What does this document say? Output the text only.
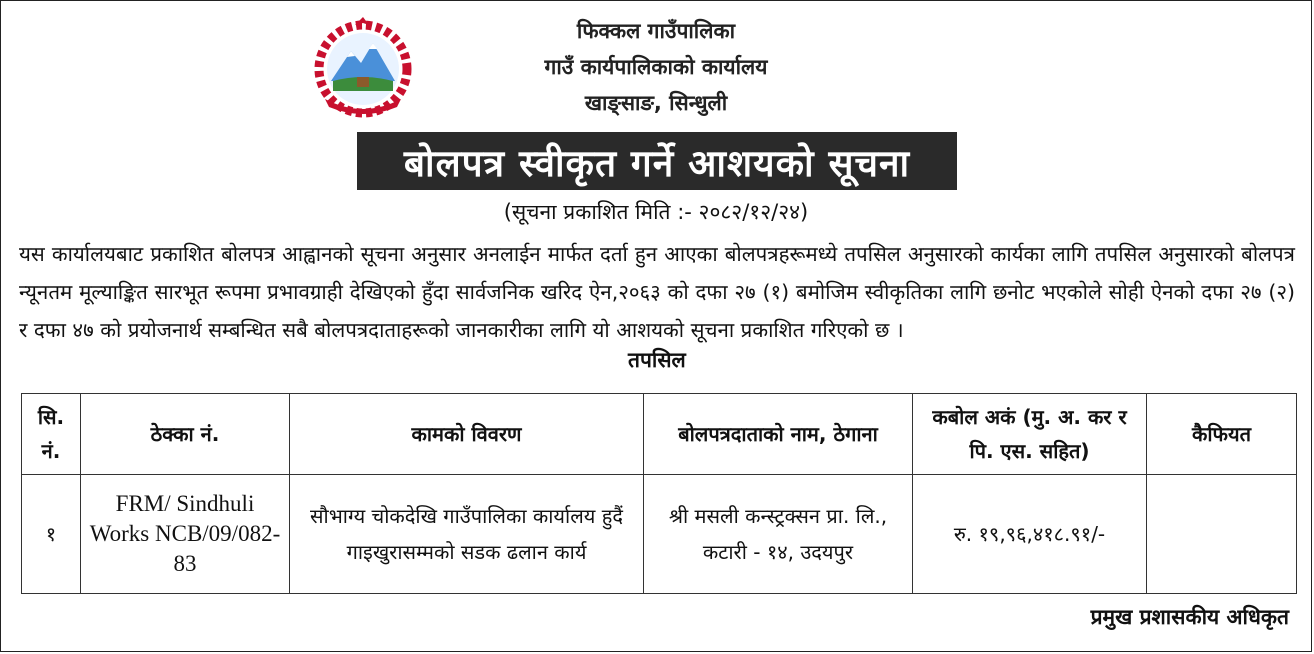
फिक्कल गाउँपालिका
गाउँ कार्यपालिकाको कार्यालय
खाङ्साङ, सिन्धुली
बोलपत्र स्वीकृत गर्ने आशयको सूचना
(सूचना प्रकाशित मिति :- २०८२/१२/२४)
यस कार्यालयबाट प्रकाशित बोलपत्र आह्वानको सूचना अनुसार अनलाईन मार्फत दर्ता हुन आएका बोलपत्रहरूमध्ये तपसिल अनुसारको कार्यका लागि तपसिल अनुसारको बोलपत्र न्यूनतम मूल्याङ्कित सारभूत रूपमा प्रभावग्राही देखिएको हुँदा सार्वजनिक खरिद ऐन,२०६३ को दफा २७ (१) बमोजिम स्वीकृतिका लागि छनोट भएकोले सोही ऐनको दफा २७ (२) र दफा ४७ को प्रयोजनार्थ सम्बन्धित सबै बोलपत्रदाताहरूको जानकारीका लागि यो आशयको सूचना प्रकाशित गरिएको छ ।
तपसिल
सि. नं.	ठेक्का नं.	कामको विवरण	बोलपत्रदाताको नाम, ठेगाना	कबोल अकं (मु. अ. कर र पि. एस. सहित)	कैफियत
१	FRM/ Sindhuli Works NCB/09/082-83	सौभाग्य चोकदेखि गाउँपालिका कार्यालय हुदैं गाइखुरासम्मको सडक ढलान कार्य	श्री मसली कन्स्ट्रक्सन प्रा. लि., कटारी - १४, उदयपुर	रु. १९,९६,४१८.९१/-	
प्रमुख प्रशासकीय अधिकृत
